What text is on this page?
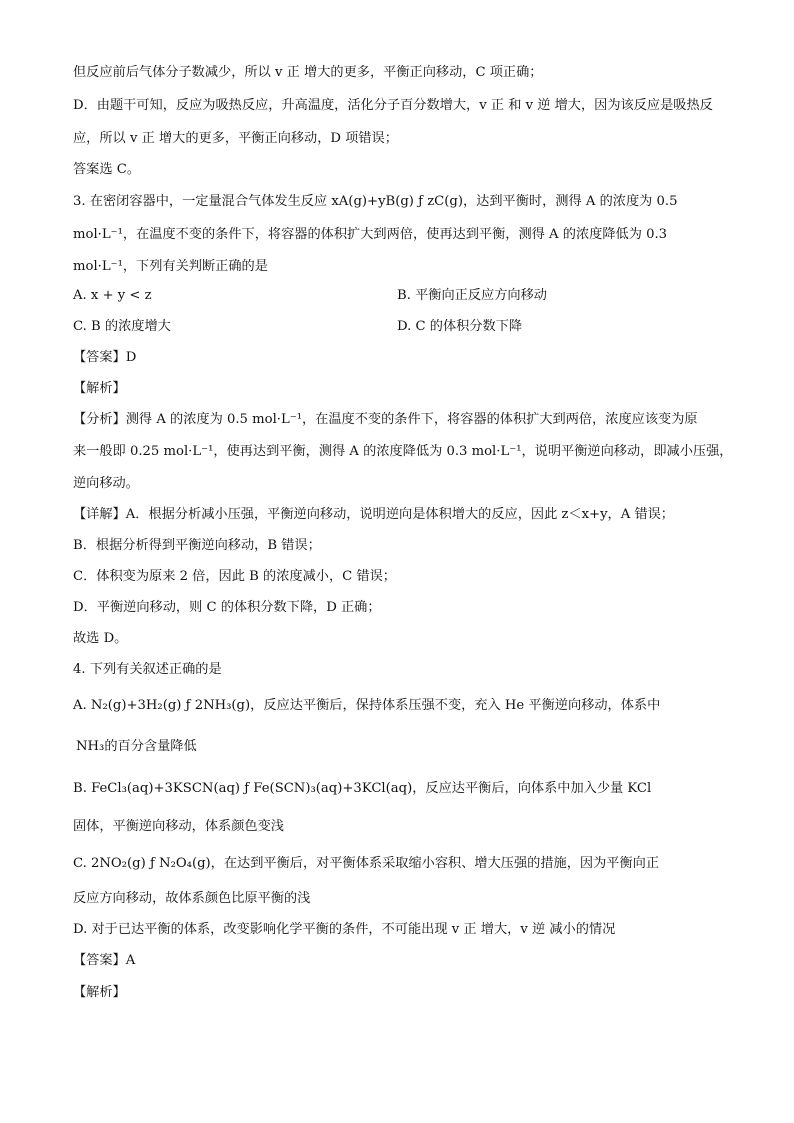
但反应前后气体分子数减少，所以 v 正 增大的更多，平衡正向移动，C 项正确；
D．由题干可知，反应为吸热反应，升高温度，活化分子百分数增大，v 正 和 v 逆 增大，因为该反应是吸热反
应，所以 v 正 增大的更多，平衡正向移动，D 项错误；
答案选 C。
3. 在密闭容器中，一定量混合气体发生反应 xA(g)+yB(g) ƒ zC(g)，达到平衡时，测得 A 的浓度为 0.5
mol·L⁻¹，在温度不变的条件下，将容器的体积扩大到两倍，使再达到平衡，测得 A 的浓度降低为 0.3
mol·L⁻¹，下列有关判断正确的是
A. x + y < z	B. 平衡向正反应方向移动
C. B 的浓度增大	D. C 的体积分数下降
【答案】D
【解析】
【分析】测得 A 的浓度为 0.5 mol·L⁻¹，在温度不变的条件下，将容器的体积扩大到两倍，浓度应该变为原
来一般即 0.25 mol·L⁻¹，使再达到平衡，测得 A 的浓度降低为 0.3 mol·L⁻¹，说明平衡逆向移动，即减小压强，
逆向移动。
【详解】A．根据分析减小压强，平衡逆向移动，说明逆向是体积增大的反应，因此 z＜x+y，A 错误；
B．根据分析得到平衡逆向移动，B 错误；
C．体积变为原来 2 倍，因此 B 的浓度减小，C 错误；
D．平衡逆向移动，则 C 的体积分数下降，D 正确；
故选 D。
4. 下列有关叙述正确的是
A. N₂(g)+3H₂(g) ƒ 2NH₃(g)，反应达平衡后，保持体系压强不变，充入 He 平衡逆向移动，体系中
NH₃的百分含量降低
B. FeCl₃(aq)+3KSCN(aq) ƒ Fe(SCN)₃(aq)+3KCl(aq)，反应达平衡后，向体系中加入少量 KCl
固体，平衡逆向移动，体系颜色变浅
C. 2NO₂(g) ƒ N₂O₄(g)，在达到平衡后，对平衡体系采取缩小容积、增大压强的措施，因为平衡向正
反应方向移动，故体系颜色比原平衡的浅
D. 对于已达平衡的体系，改变影响化学平衡的条件，不可能出现 v 正 增大，v 逆 减小的情况
【答案】A
【解析】
